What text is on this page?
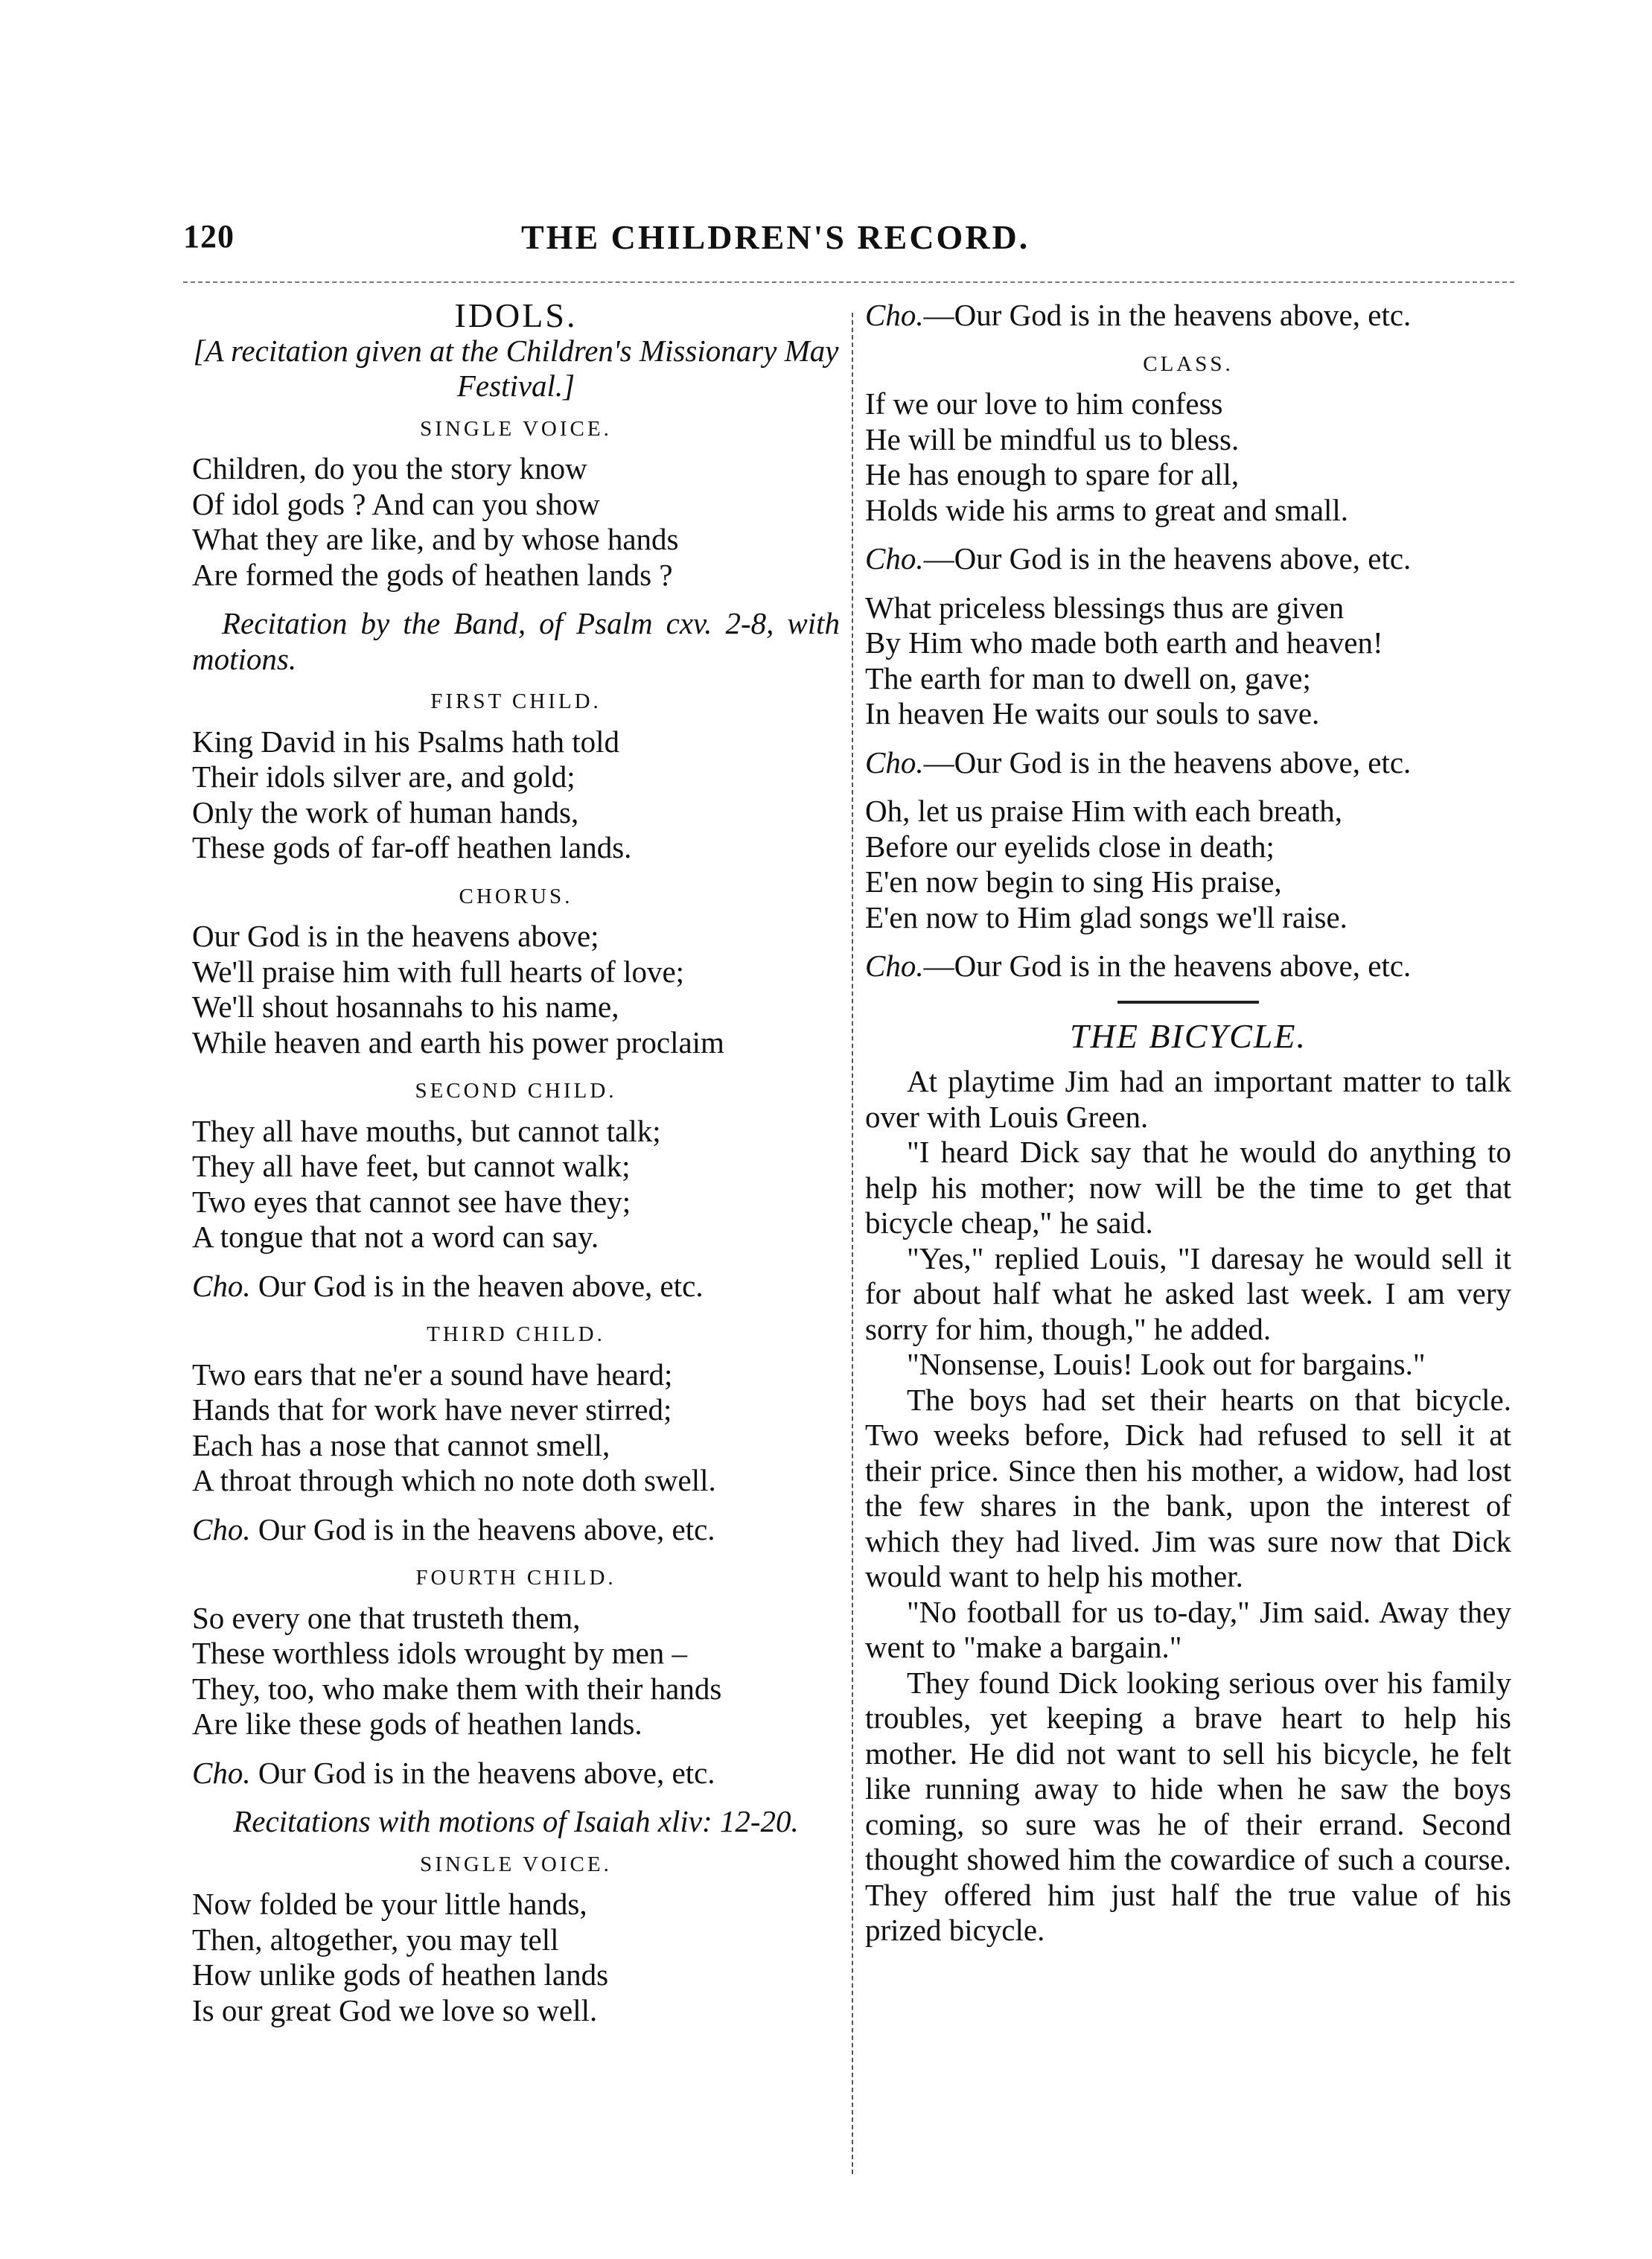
120	THE CHILDREN'S RECORD.

IDOLS.

[A recitation given at the Children's Missionary May Festival.]

SINGLE VOICE.
Children, do you the story know
Of idol gods ? And can you show
What they are like, and by whose hands
Are formed the gods of heathen lands ?

Recitation by the Band, of Psalm cxv. 2-8, with motions.

FIRST CHILD.
King David in his Psalms hath told
Their idols silver are, and gold;
Only the work of human hands,
These gods of far-off heathen lands.
CHORUS.
Our God is in the heavens above;
We'll praise him with full hearts of love;
We'll shout hosannahs to his name,
While heaven and earth his power proclaim
SECOND CHILD.
They all have mouths, but cannot talk;
They all have feet, but cannot walk;
Two eyes that cannot see have they;
A tongue that not a word can say.
Cho. Our God is in the heaven above, etc.
THIRD CHILD.
Two ears that ne'er a sound have heard;
Hands that for work have never stirred;
Each has a nose that cannot smell,
A throat through which no note doth swell.
Cho. Our God is in the heavens above, etc.
FOURTH CHILD.
So every one that trusteth them,
These worthless idols wrought by men –
They, too, who make them with their hands
Are like these gods of heathen lands.
Cho. Our God is in the heavens above, etc.

Recitations with motions of Isaiah xliv: 12-20.

SINGLE VOICE.
Now folded be your little hands,
Then, altogether, you may tell
How unlike gods of heathen lands
Is our great God we love so well.
Cho.—Our God is in the heavens above, etc.
CLASS.
If we our love to him confess
He will be mindful us to bless.
He has enough to spare for all,
Holds wide his arms to great and small.
Cho.—Our God is in the heavens above, etc.
What priceless blessings thus are given
By Him who made both earth and heaven!
The earth for man to dwell on, gave;
In heaven He waits our souls to save.
Cho.—Our God is in the heavens above, etc.
Oh, let us praise Him with each breath,
Before our eyelids close in death;
E'en now begin to sing His praise,
E'en now to Him glad songs we'll raise.
Cho.—Our God is in the heavens above, etc.

THE BICYCLE.

At playtime Jim had an important matter to talk over with Louis Green.

"I heard Dick say that he would do anything to help his mother; now will be the time to get that bicycle cheap," he said.

"Yes," replied Louis, "I daresay he would sell it for about half what he asked last week. I am very sorry for him, though," he added.

"Nonsense, Louis! Look out for bargains."

The boys had set their hearts on that bicycle. Two weeks before, Dick had refused to sell it at their price. Since then his mother, a widow, had lost the few shares in the bank, upon the interest of which they had lived. Jim was sure now that Dick would want to help his mother.

"No football for us to-day," Jim said. Away they went to "make a bargain."

They found Dick looking serious over his family troubles, yet keeping a brave heart to help his mother. He did not want to sell his bicycle, he felt like running away to hide when he saw the boys coming, so sure was he of their errand. Second thought showed him the cowardice of such a course. They offered him just half the true value of his prized bicycle.
